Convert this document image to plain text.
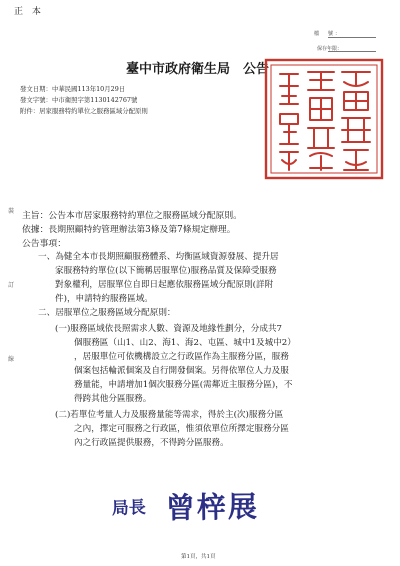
正 本
檔　號：
保存年限：
臺中市政府衛生局　公告
發文日期：中華民國113年10月29日
發文字號：中市衛照字第1130142767號
附件：居家服務特約單位之服務區域分配原則
主旨：公告本市居家服務特約單位之服務區域分配原則。
依據：長期照顧特約管理辦法第3條及第7條規定辦理。
公告事項：
一、為健全本市長期照顧服務體系、均衡區域資源發展、提升居
家服務特約單位(以下簡稱居服單位)服務品質及保障受服務
對象權利，居服單位自即日起應依服務區域分配原則(詳附
件)，申請特約服務區域。
二、居服單位之服務區域分配原則：
(一)服務區域依長照需求人數、資源及地緣性劃分，分成共7
個服務區（山1、山2、海1、海2、屯區、城中1及城中2）
，居服單位可依機構設立之行政區作為主服務分區，服務
個案包括輪派個案及自行開發個案。另得依單位人力及服
務量能，申請增加1個次服務分區(需鄰近主服務分區)，不
得跨其他分區服務。
(二)若單位考量人力及服務量能等需求，得於主(次)服務分區
之內，擇定可服務之行政區，惟須依單位所擇定服務分區
內之行政區提供服務，不得跨分區服務。
裝
訂
線
局長 曾梓展
第1頁，共1頁
